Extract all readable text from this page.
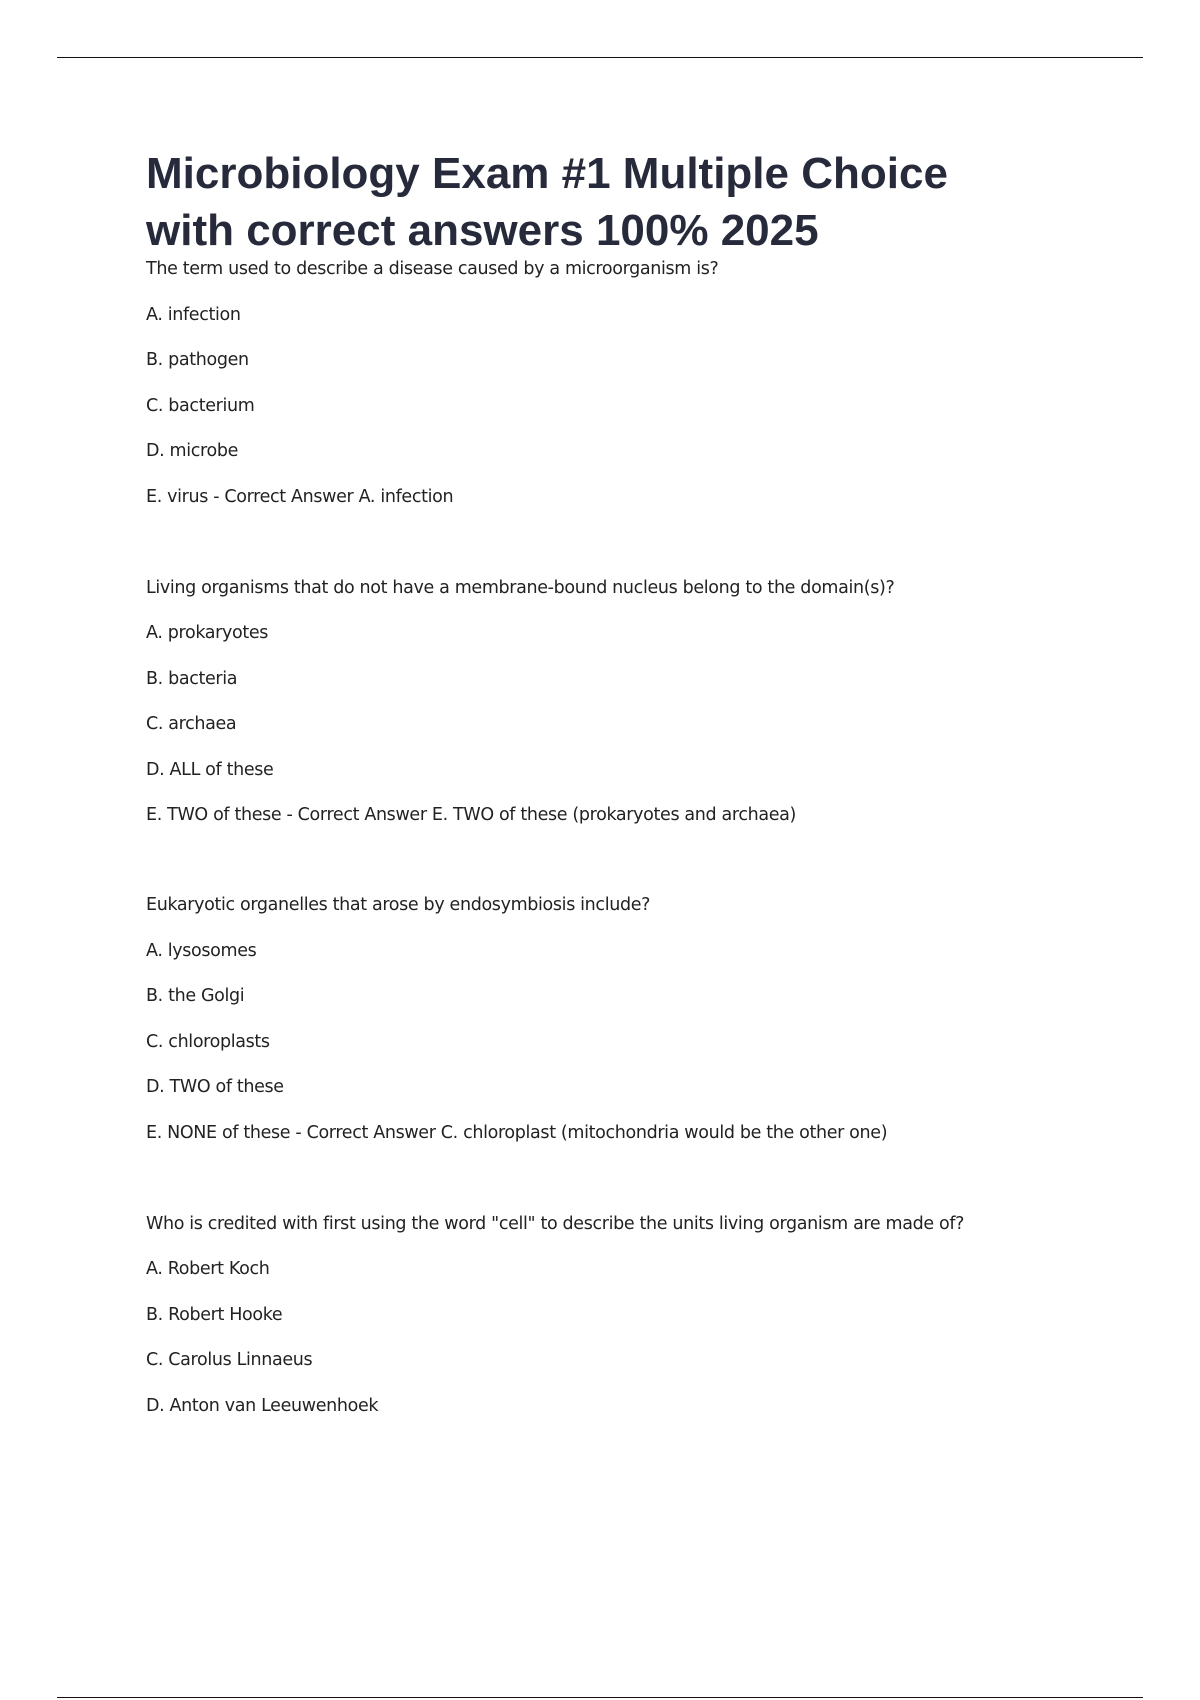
Microbiology Exam #1 Multiple Choice
with correct answers 100% 2025

The term used to describe a disease caused by a microorganism is?

A. infection

B. pathogen

C. bacterium

D. microbe

E. virus - Correct Answer A. infection

Living organisms that do not have a membrane-bound nucleus belong to the domain(s)?

A. prokaryotes

B. bacteria

C. archaea

D. ALL of these

E. TWO of these - Correct Answer E. TWO of these (prokaryotes and archaea)

Eukaryotic organelles that arose by endosymbiosis include?

A. lysosomes

B. the Golgi

C. chloroplasts

D. TWO of these

E. NONE of these - Correct Answer C. chloroplast (mitochondria would be the other one)

Who is credited with first using the word "cell" to describe the units living organism are made of?

A. Robert Koch

B. Robert Hooke

C. Carolus Linnaeus

D. Anton van Leeuwenhoek
